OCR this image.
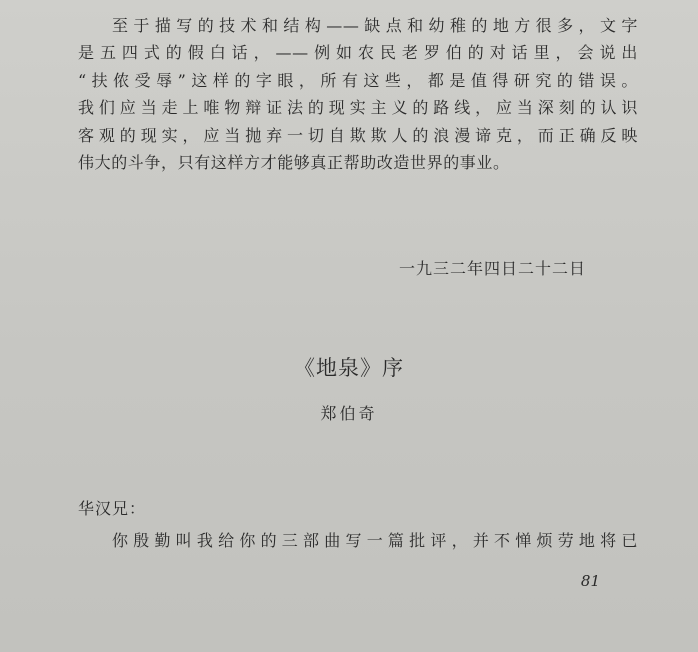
至于描写的技术和结构——缺点和幼稚的地方很多，文字
是五四式的假白话，——例如农民老罗伯的对话里，会说出
“扶侬受辱”这样的字眼，所有这些，都是值得研究的错误。
我们应当走上唯物辩证法的现实主义的路线，应当深刻的认识
客观的现实，应当抛弃一切自欺欺人的浪漫谛克，而正确反映
伟大的斗争，只有这样方才能够真正帮助改造世界的事业。
一九三二年四日二十二日
《地泉》序
郑伯奇
华汉兄：
你殷勤叫我给你的三部曲写一篇批评，并不惮烦劳地将已
81
